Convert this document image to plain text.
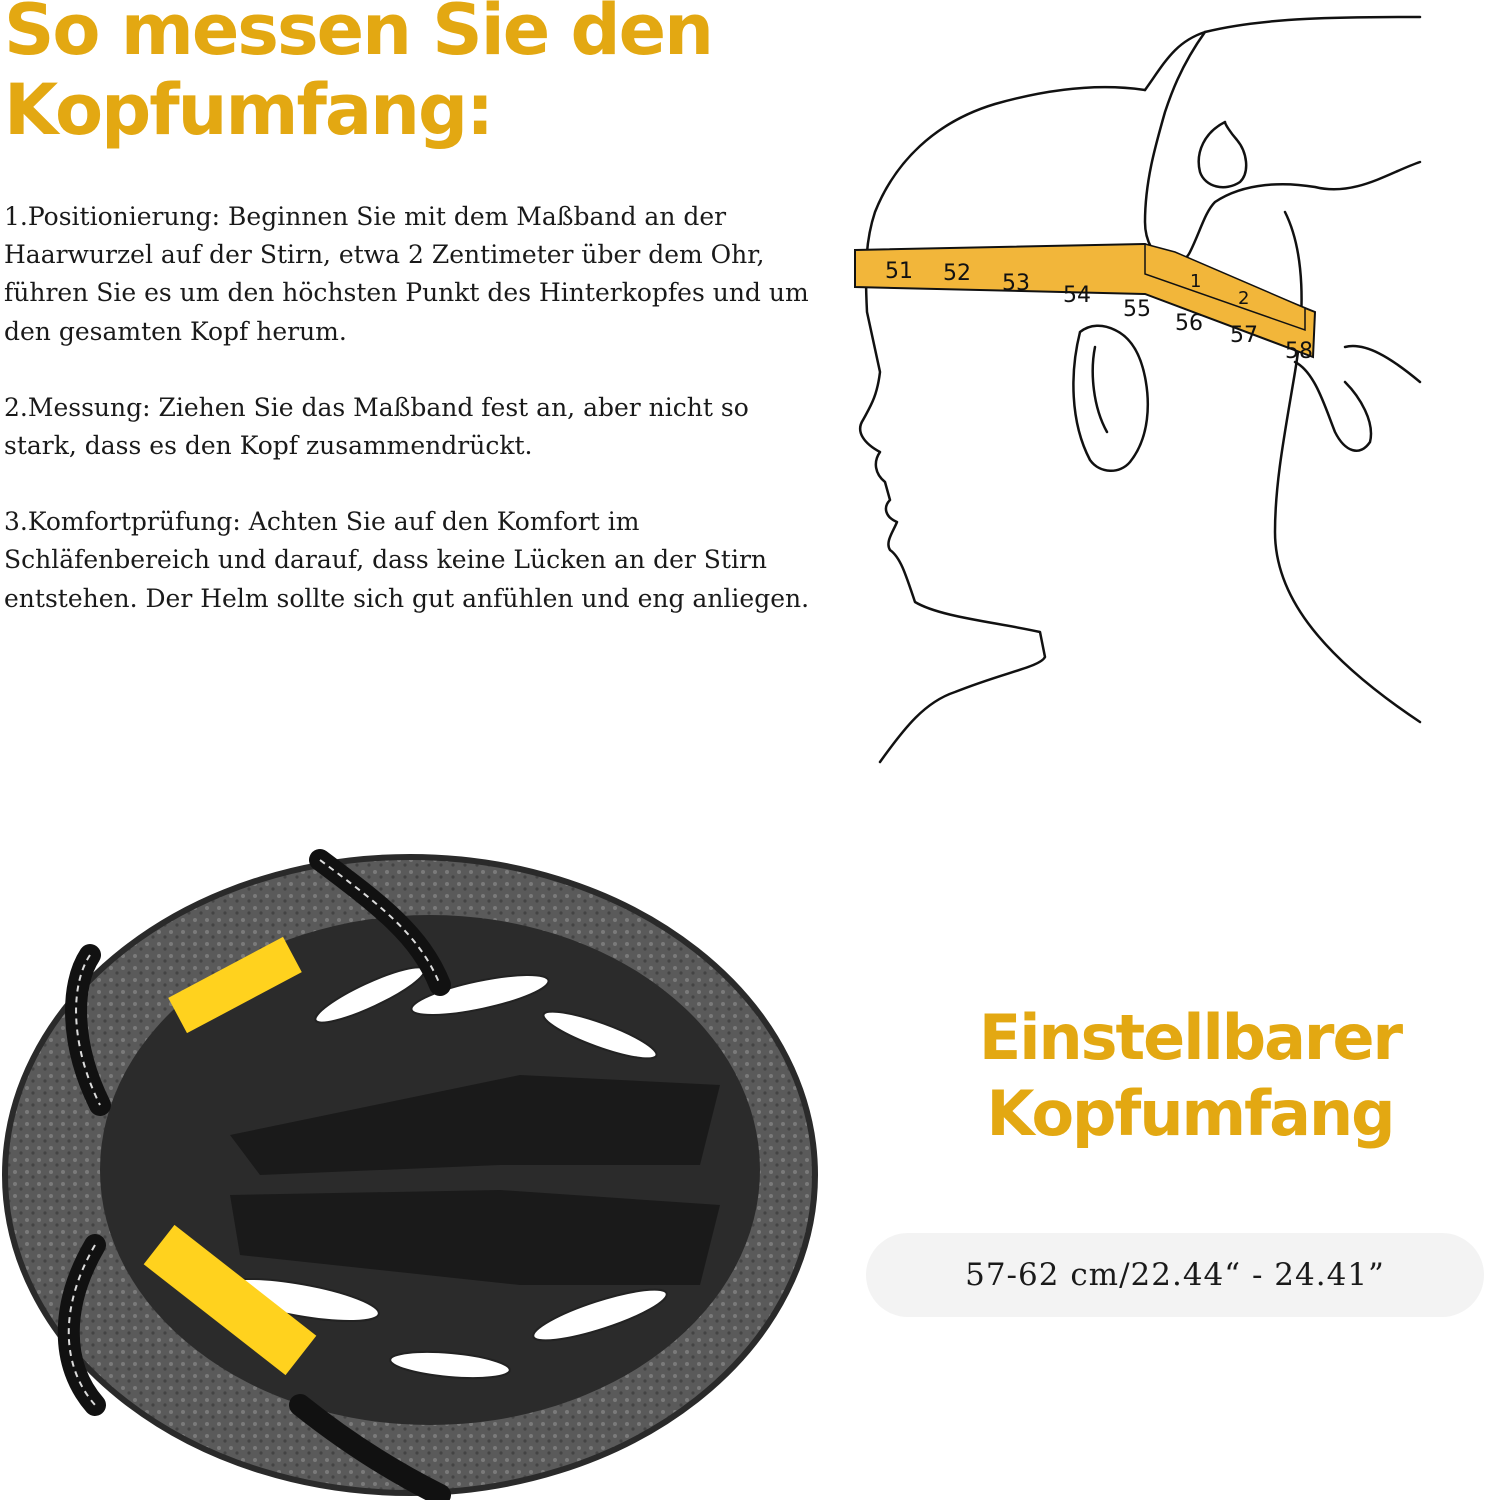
So messen Sie den
Kopfumfang:

1.Positionierung: Beginnen Sie mit dem Maßband an der Haarwurzel auf der Stirn, etwa 2 Zentimeter über dem Ohr, führen Sie es um den höchsten Punkt des Hinterkopfes und um den gesamten Kopf herum.

2.Messung: Ziehen Sie das Maßband fest an, aber nicht so stark, dass es den Kopf zusammendrückt.

3.Komfortprüfung: Achten Sie auf den Komfort im Schläfenbereich und darauf, dass keine Lücken an der Stirn entstehen. Der Helm sollte sich gut anfühlen und eng anliegen.

51 52 53 54
55
56 57
58
1
2
Einstellbarer
Kopfumfang
57-62 cm/22.44“ - 24.41”
